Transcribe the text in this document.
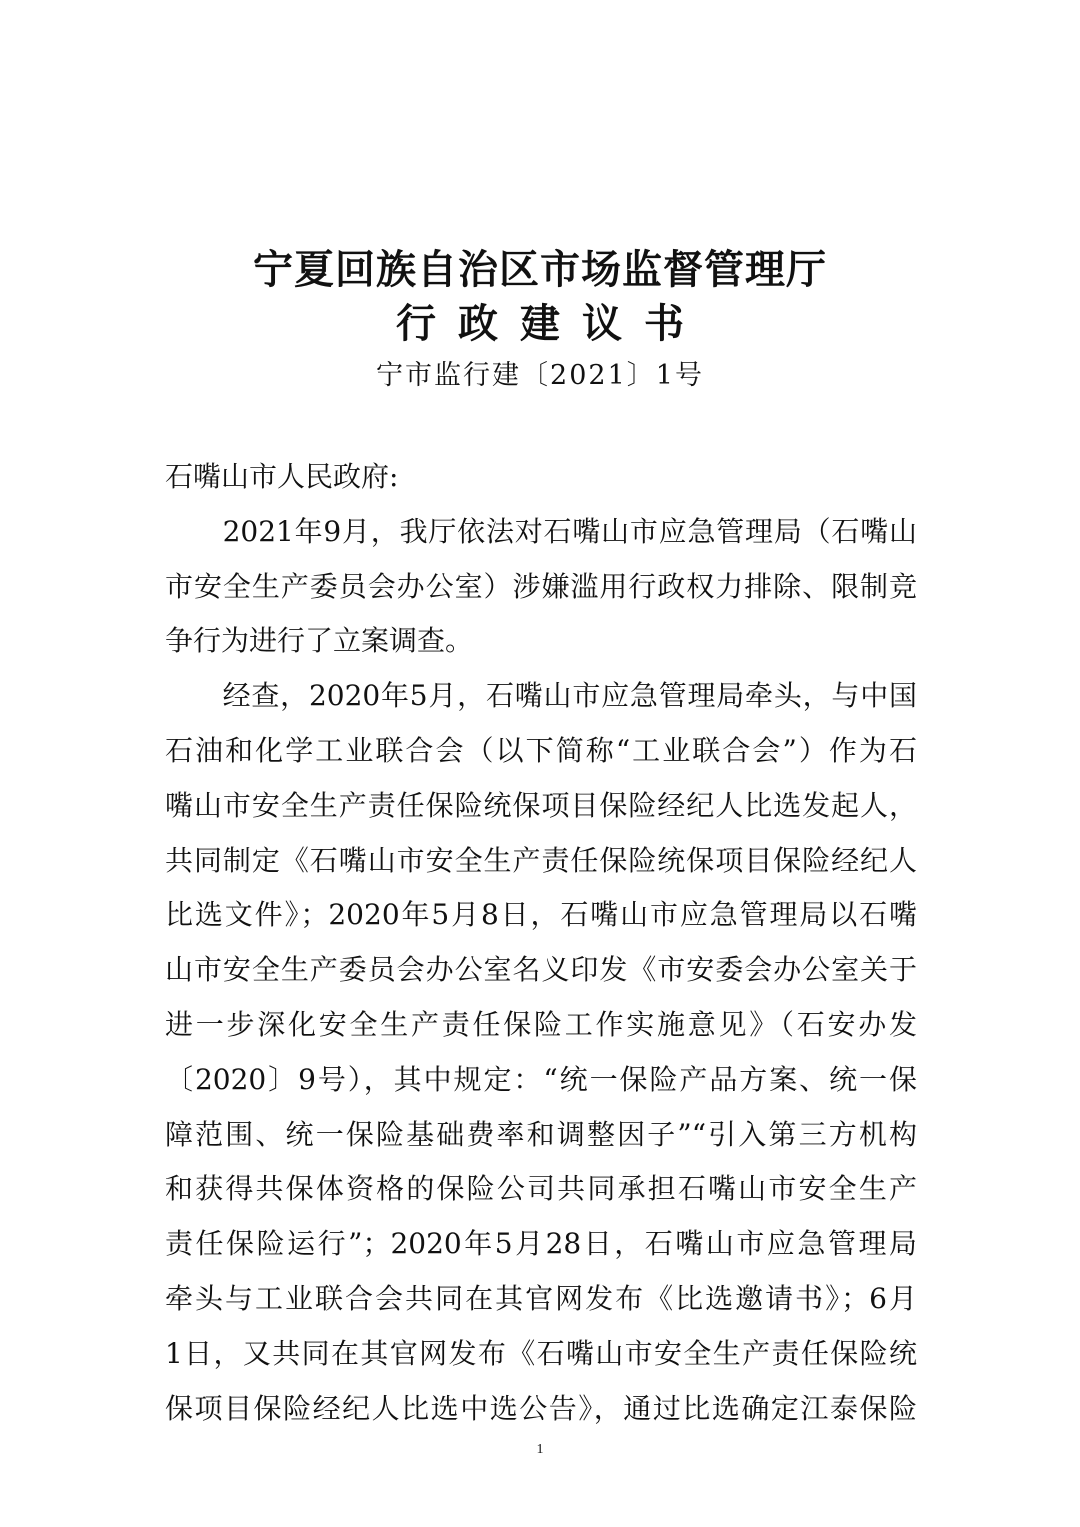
宁夏回族自治区市场监督管理厅
行政建议书
宁市监行建〔2021〕1号
石嘴山市人民政府:
　　2021年9月，我厅依法对石嘴山市应急管理局（石嘴山
市安全生产委员会办公室）涉嫌滥用行政权力排除、限制竞
争行为进行了立案调查。
　　经查，2020年5月，石嘴山市应急管理局牵头，与中国
石油和化学工业联合会（以下简称“工业联合会”）作为石
嘴山市安全生产责任保险统保项目保险经纪人比选发起人，
共同制定《石嘴山市安全生产责任保险统保项目保险经纪人
比选文件》；2020年5月8日，石嘴山市应急管理局以石嘴
山市安全生产委员会办公室名义印发《市安委会办公室关于
进一步深化安全生产责任保险工作实施意见》（石安办发
〔2020〕9号），其中规定：“统一保险产品方案、统一保
障范围、统一保险基础费率和调整因子”“引入第三方机构
和获得共保体资格的保险公司共同承担石嘴山市安全生产
责任保险运行”；2020年5月28日，石嘴山市应急管理局
牵头与工业联合会共同在其官网发布《比选邀请书》；6月
1日，又共同在其官网发布《石嘴山市安全生产责任保险统
保项目保险经纪人比选中选公告》，通过比选确定江泰保险
1
